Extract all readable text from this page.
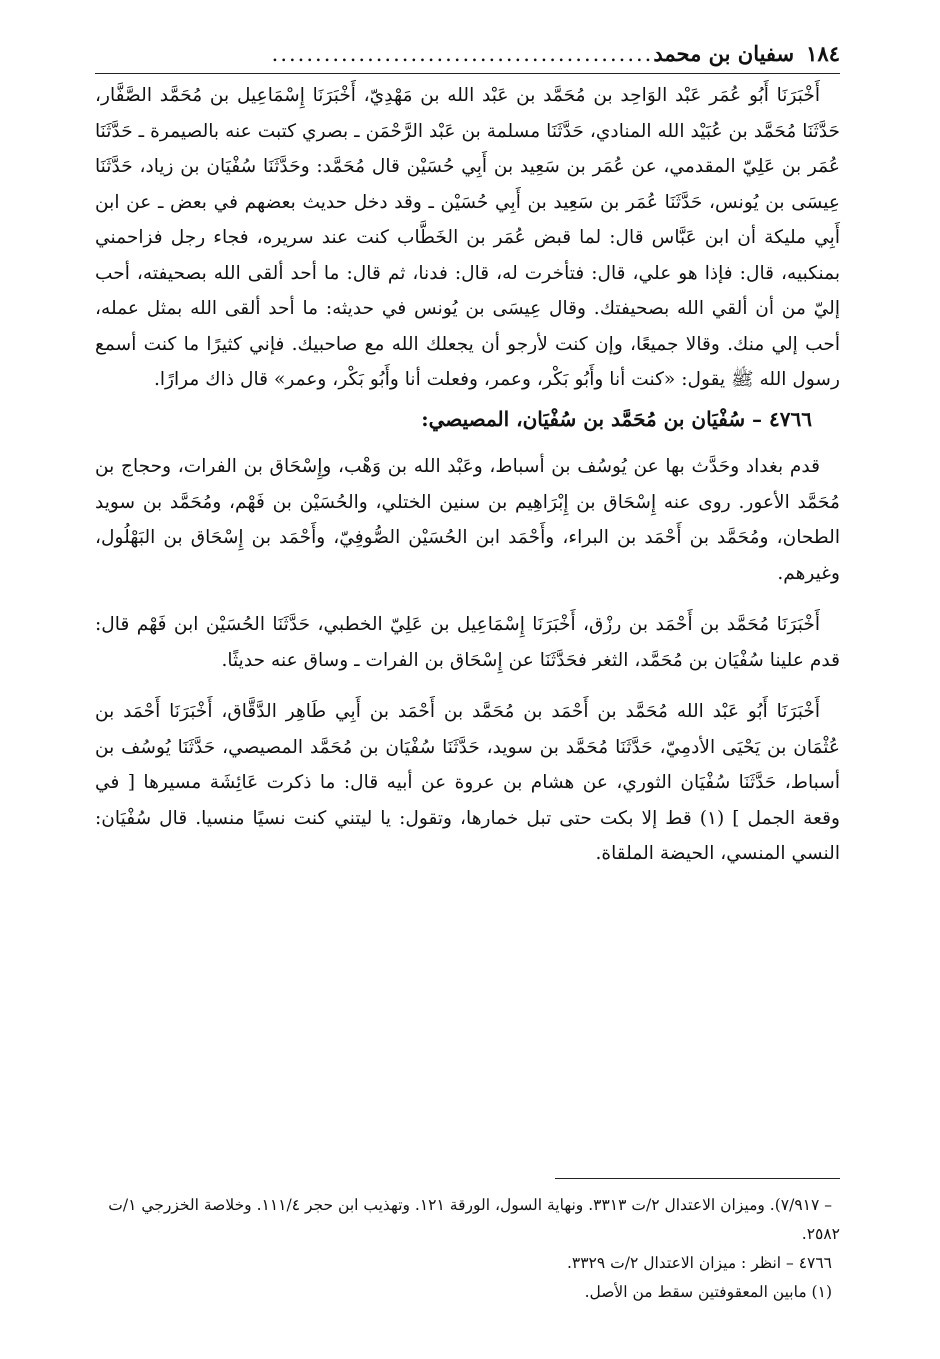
١٨٤
سفيان بن محمد
............................................

أَخْبَرَنَا أَبُو عُمَر عَبْد الوَاحِد بن مُحَمَّد بن عَبْد الله بن مَهْدِيّ، أَخْبَرَنَا إِسْمَاعِيل بن مُحَمَّد الصَّفَّار، حَدَّثَنَا مُحَمَّد بن عُبَيْد الله المنادي، حَدَّثَنَا مسلمة بن عَبْد الرَّحْمَن ـ بصري كتبت عنه بالصيمرة ـ حَدَّثَنَا عُمَر بن عَلِيّ المقدمي، عن عُمَر بن سَعِيد بن أَبِي حُسَيْن قال مُحَمَّد: وحَدَّثَنَا سُفْيَان بن زياد، حَدَّثَنَا عِيسَى بن يُونس، حَدَّثَنَا عُمَر بن سَعِيد بن أَبِي حُسَيْن ـ وقد دخل حديث بعضهم في بعض ـ عن ابن أَبِي مليكة أن ابن عَبَّاس قال: لما قبض عُمَر بن الخَطَّاب كنت عند سريره، فجاء رجل فزاحمني بمنكبيه، قال: فإذا هو علي، قال: فتأخرت له، قال: فدنا، ثم قال: ما أحد ألقى الله بصحيفته، أحب إليّ من أن ألقي الله بصحيفتك. وقال عِيسَى بن يُونس في حديثه: ما أحد ألقى الله بمثل عمله، أحب إلي منك. وقالا جميعًا، وإن كنت لأرجو أن يجعلك الله مع صاحبيك. فإني كثيرًا ما كنت أسمع رسول الله ﷺ يقول: «كنت أنا وأَبُو بَكْر، وعمر، وفعلت أنا وأَبُو بَكْر، وعمر» قال ذاك مرارًا.

٤٧٦٦ – سُفْيَان بن مُحَمَّد بن سُفْيَان، المصيصي:

قدم بغداد وحَدَّث بها عن يُوسُف بن أسباط، وعَبْد الله بن وَهْب، وإِسْحَاق بن الفرات، وحجاج بن مُحَمَّد الأعور. روى عنه إِسْحَاق بن إِبْرَاهِيم بن سنين الختلي، والحُسَيْن بن فَهْم، ومُحَمَّد بن سويد الطحان، ومُحَمَّد بن أَحْمَد بن البراء، وأَحْمَد ابن الحُسَيْن الصُّوفِيّ، وأَحْمَد بن إِسْحَاق بن البَهْلُول، وغيرهم.

أَخْبَرَنَا مُحَمَّد بن أَحْمَد بن رزْق، أَخْبَرَنَا إِسْمَاعِيل بن عَلِيّ الخطبي، حَدَّثَنَا الحُسَيْن ابن فَهْم قال: قدم علينا سُفْيَان بن مُحَمَّد، الثغر فحَدَّثَنَا عن إِسْحَاق بن الفرات ـ وساق عنه حديثًا.

أَخْبَرَنَا أَبُو عَبْد الله مُحَمَّد بن أَحْمَد بن مُحَمَّد بن أَحْمَد بن أَبِي طَاهِر الدَّقَّاق، أَخْبَرَنَا أَحْمَد بن عُثْمَان بن يَحْيَى الأدمِيّ، حَدَّثَنَا مُحَمَّد بن سويد، حَدَّثَنَا سُفْيَان بن مُحَمَّد المصيصي، حَدَّثَنَا يُوسُف بن أسباط، حَدَّثَنَا سُفْيَان الثوري، عن هشام بن عروة عن أبيه قال: ما ذكرت عَائِشَة مسيرها [ في وقعة الجمل ] (١) قط إلا بكت حتى تبل خمارها، وتقول: يا ليتني كنت نسيًا منسيا. قال سُفْيَان: النسي المنسي، الحيضة الملقاة.

– ٧/٩١٧). وميزان الاعتدال ٢/ت ٣٣١٣. ونهاية السول، الورقة ١٢١. وتهذيب ابن حجر ١١١/٤. وخلاصة الخزرجي ١/ت ٢٥٨٢.

٤٧٦٦ – انظر : ميزان الاعتدال ٢/ت ٣٣٢٩.

(١) مابين المعقوفتين سقط من الأصل.
